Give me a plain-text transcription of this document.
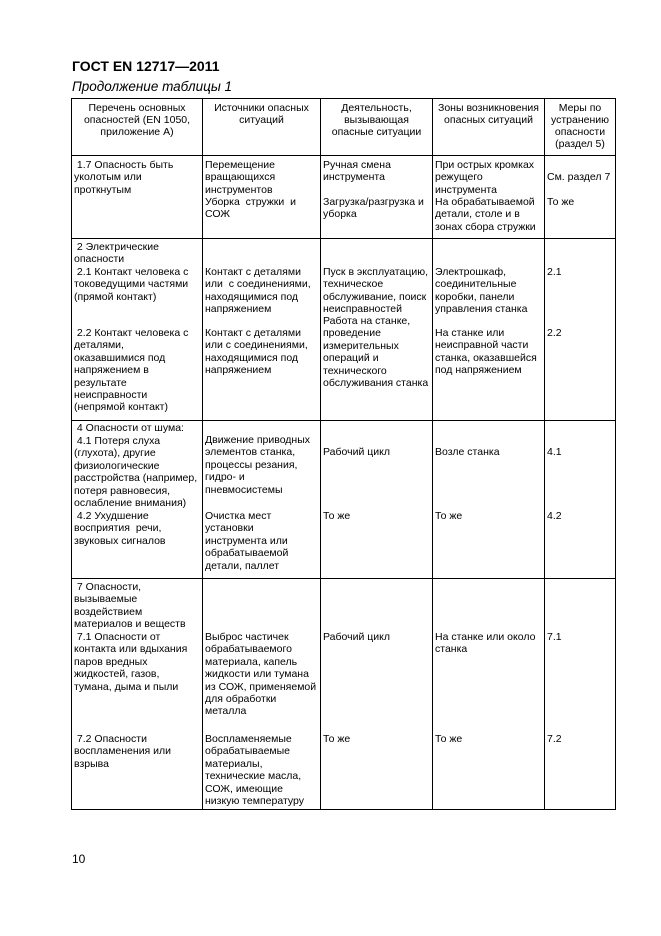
ГОСТ EN 12717—2011
Продолжение таблицы 1
Перечень основных
опасностей (EN 1050,
приложение А)
Источники опасных
ситуаций
Деятельность,
вызывающая
опасные ситуации
Зоны возникновения
опасных ситуаций
Меры по
устранению
опасности
(раздел 5)
1.7 Опасность быть
уколотым или
проткнутым
Перемещение
вращающихся
инструментов
Уборка  стружки  и
СОЖ
Ручная смена
инструмента
Загрузка/разгрузка и
уборка
При острых кромках
режущего
инструмента
На обрабатываемой
детали, столе и в
зонах сбора стружки
См. раздел 7
То же
2 Электрические
опасности
2.1 Контакт человека с
токоведущими частями
(прямой контакт)
2.2 Контакт человека с
деталями,
оказавшимися под
напряжением в
результате
неисправности
(непрямой контакт)
Контакт с деталями
или  с соединениями,
находящимися под
напряжением
Контакт с деталями
или с соединениями,
находящимися под
напряжением
Пуск в эксплуатацию,
техническое
обслуживание, поиск
неисправностей
Работа на станке,
проведение
измерительных
операций и
технического
обслуживания станка
Электрошкаф,
соединительные
коробки, панели
управления станка
На станке или
неисправной части
станка, оказавшейся
под напряжением
2.1
2.2
4 Опасности от шума:
4.1 Потеря слуха
(глухота), другие
физиологические
расстройства (например,
потеря равновесия,
ослабление внимания)
4.2 Ухудшение
восприятия  речи,
звуковых сигналов
Движение приводных
элементов станка,
процессы резания,
гидро- и
пневмосистемы
Очистка мест
установки
инструмента или
обрабатываемой
детали, паллет
Рабочий цикл
То же
Возле станка
То же
4.1
4.2
7 Опасности,
вызываемые
воздействием
материалов и веществ
7.1 Опасности от
контакта или вдыхания
паров вредных
жидкостей, газов,
тумана, дыма и пыли
7.2 Опасности
воспламенения или
взрыва
Выброс частичек
обрабатываемого
материала, капель
жидкости или тумана
из СОЖ, применяемой
для обработки
металла
Воспламеняемые
обрабатываемые
материалы,
технические масла,
СОЖ, имеющие
низкую температуру
Рабочий цикл
То же
На станке или около
станка
То же
7.1
7.2
10
